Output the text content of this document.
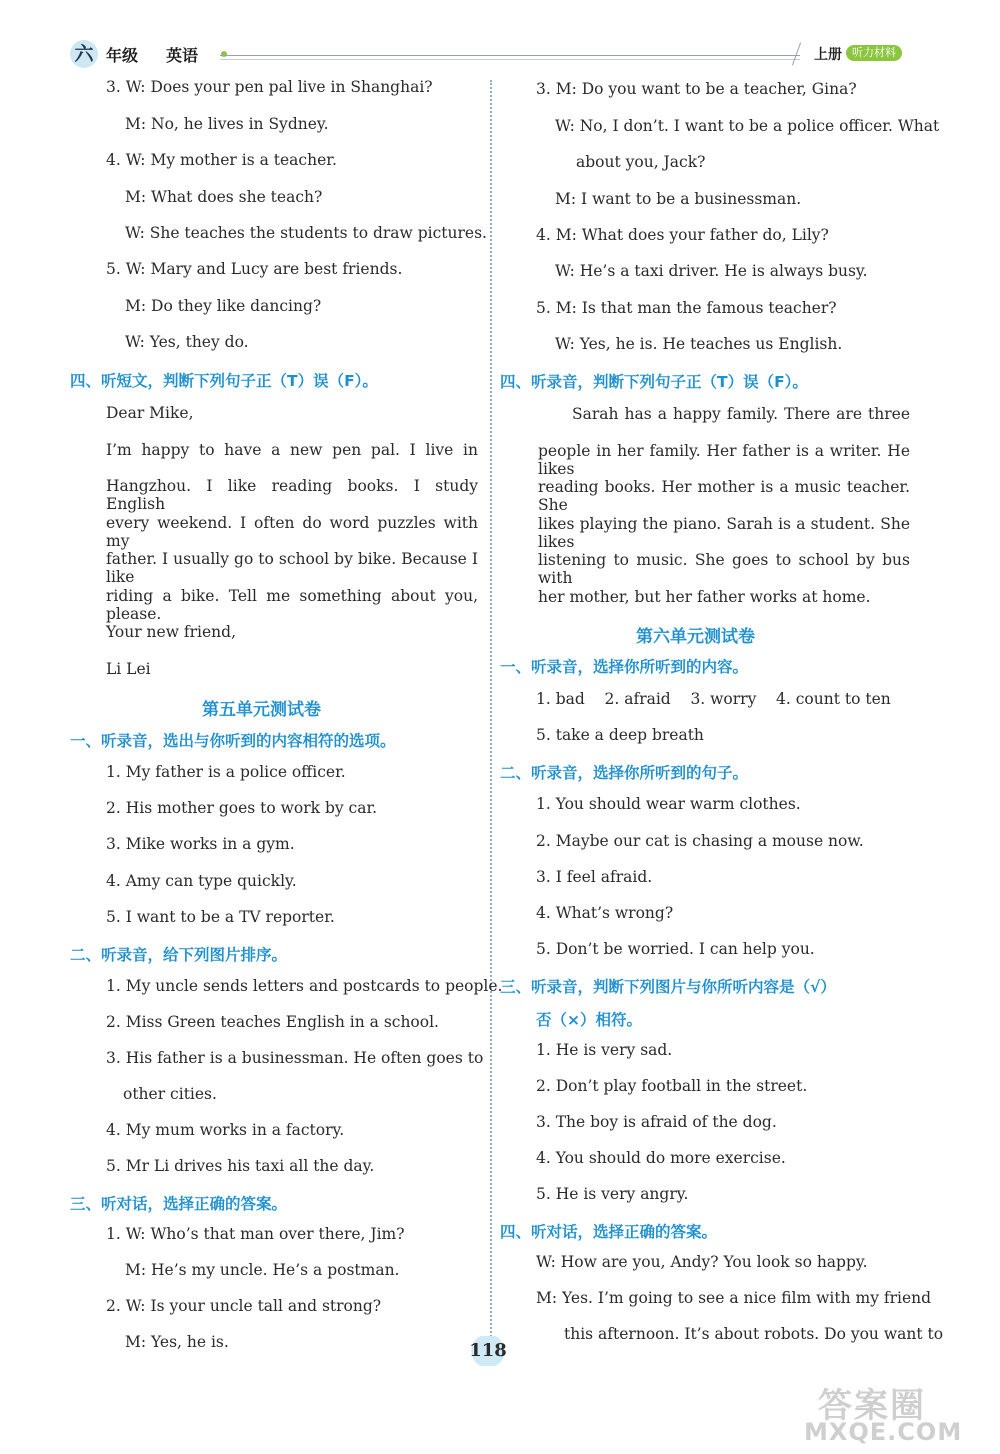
六 年级 英语	上册 听力材料
3. W: Does your pen pal live in Shanghai?
M: No, he lives in Sydney.
4. W: My mother is a teacher.
M: What does she teach?
W: She teaches the students to draw pictures.
5. W: Mary and Lucy are best friends.
M: Do they like dancing?
W: Yes, they do.
四、听短文，判断下列句子正（T）误（F）。
Dear Mike,
I’m happy to have a new pen pal. I live in
Hangzhou. I like reading books. I study English
every weekend. I often do word puzzles with my
father. I usually go to school by bike. Because I like
riding a bike. Tell me something about you, please.
Your new friend,
Li Lei
第五单元测试卷
一、听录音，选出与你听到的内容相符的选项。
1. My father is a police officer.
2. His mother goes to work by car.
3. Mike works in a gym.
4. Amy can type quickly.
5. I want to be a TV reporter.
二、听录音，给下列图片排序。
1. My uncle sends letters and postcards to people.
2. Miss Green teaches English in a school.
3. His father is a businessman. He often goes to
other cities.
4. My mum works in a factory.
5. Mr Li drives his taxi all the day.
三、听对话，选择正确的答案。
1. W: Who’s that man over there, Jim?
M: He’s my uncle. He’s a postman.
2. W: Is your uncle tall and strong?
M: Yes, he is.
3. M: Do you want to be a teacher, Gina?
W: No, I don’t. I want to be a police officer. What
about you, Jack?
M: I want to be a businessman.
4. M: What does your father do, Lily?
W: He’s a taxi driver. He is always busy.
5. M: Is that man the famous teacher?
W: Yes, he is. He teaches us English.
四、听录音，判断下列句子正（T）误（F）。
Sarah has a happy family. There are three
people in her family. Her father is a writer. He likes
reading books. Her mother is a music teacher. She
likes playing the piano. Sarah is a student. She likes
listening to music. She goes to school by bus with
her mother, but her father works at home.
第六单元测试卷
一、听录音，选择你所听到的内容。
1. bad    2. afraid    3. worry    4. count to ten
5. take a deep breath
二、听录音，选择你所听到的句子。
1. You should wear warm clothes.
2. Maybe our cat is chasing a mouse now.
3. I feel afraid.
4. What’s wrong?
5. Don’t be worried. I can help you.
三、听录音，判断下列图片与你所听内容是（√）
否（×）相符。
1. He is very sad.
2. Don’t play football in the street.
3. The boy is afraid of the dog.
4. You should do more exercise.
5. He is very angry.
四、听对话，选择正确的答案。
W: How are you, Andy? You look so happy.
M: Yes. I’m going to see a nice film with my friend
this afternoon. It’s about robots. Do you want to
118
答案圈
MXQE.COM
